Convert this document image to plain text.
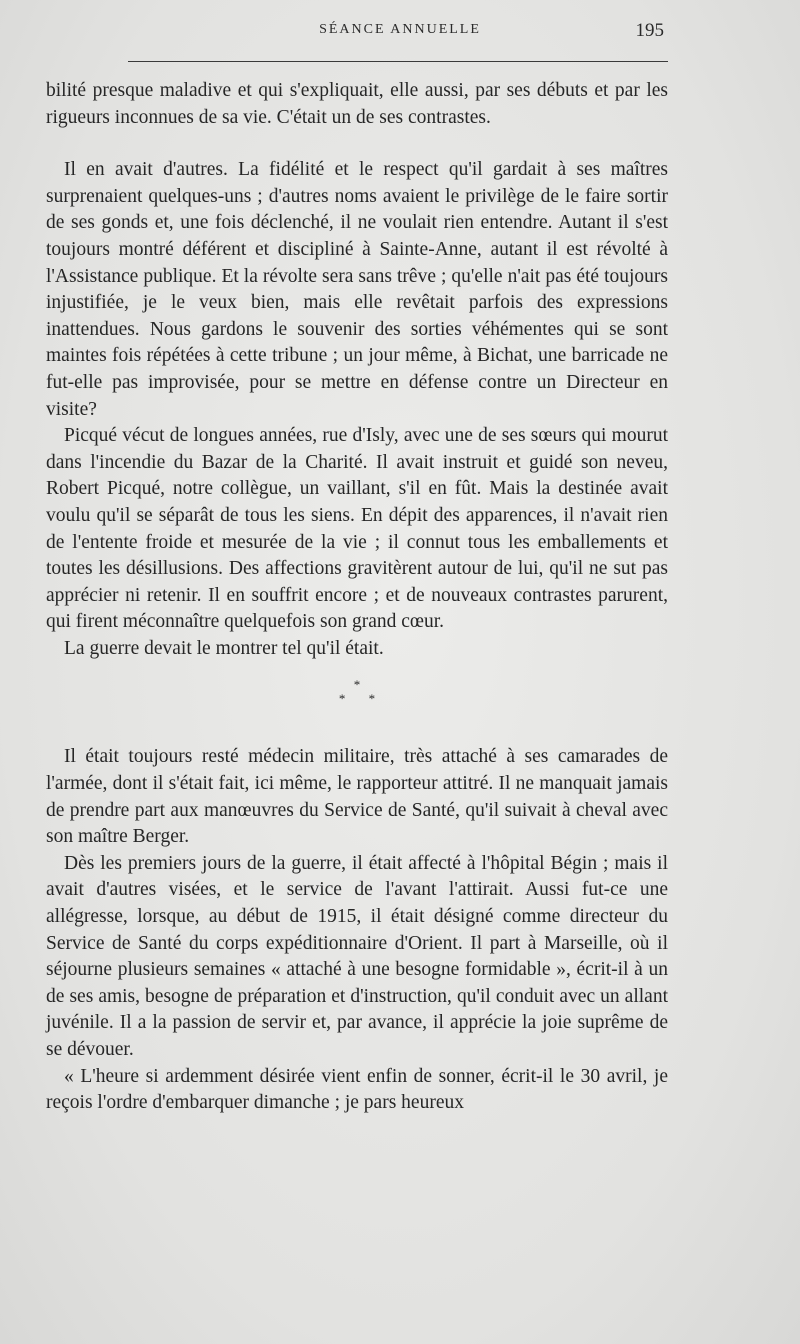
SÉANCE ANNUELLE	195

bilité presque maladive et qui s'expliquait, elle aussi, par ses débuts et par les rigueurs inconnues de sa vie. C'était un de ses contrastes.

Il en avait d'autres. La fidélité et le respect qu'il gardait à ses maîtres surprenaient quelques-uns ; d'autres noms avaient le privilège de le faire sortir de ses gonds et, une fois déclenché, il ne voulait rien entendre. Autant il s'est toujours montré déférent et discipliné à Sainte-Anne, autant il est révolté à l'Assistance publique. Et la révolte sera sans trêve ; qu'elle n'ait pas été toujours injustifiée, je le veux bien, mais elle revêtait parfois des expressions inattendues. Nous gardons le souvenir des sorties véhémentes qui se sont maintes fois répétées à cette tribune ; un jour même, à Bichat, une barricade ne fut-elle pas improvisée, pour se mettre en défense contre un Directeur en visite?

Picqué vécut de longues années, rue d'Isly, avec une de ses sœurs qui mourut dans l'incendie du Bazar de la Charité. Il avait instruit et guidé son neveu, Robert Picqué, notre collègue, un vaillant, s'il en fût. Mais la destinée avait voulu qu'il se séparât de tous les siens. En dépit des apparences, il n'avait rien de l'entente froide et mesurée de la vie ; il connut tous les emballements et toutes les désillusions. Des affections gravitèrent autour de lui, qu'il ne sut pas apprécier ni retenir. Il en souffrit encore ; et de nouveaux contrastes parurent, qui firent méconnaître quelquefois son grand cœur.

La guerre devait le montrer tel qu'il était.

*
* *

Il était toujours resté médecin militaire, très attaché à ses camarades de l'armée, dont il s'était fait, ici même, le rapporteur attitré. Il ne manquait jamais de prendre part aux manœuvres du Service de Santé, qu'il suivait à cheval avec son maître Berger.

Dès les premiers jours de la guerre, il était affecté à l'hôpital Bégin ; mais il avait d'autres visées, et le service de l'avant l'attirait. Aussi fut-ce une allégresse, lorsque, au début de 1915, il était désigné comme directeur du Service de Santé du corps expéditionnaire d'Orient. Il part à Marseille, où il séjourne plusieurs semaines « attaché à une besogne formidable », écrit-il à un de ses amis, besogne de préparation et d'instruction, qu'il conduit avec un allant juvénile. Il a la passion de servir et, par avance, il apprécie la joie suprême de se dévouer.

« L'heure si ardemment désirée vient enfin de sonner, écrit-il le 30 avril, je reçois l'ordre d'embarquer dimanche ; je pars heureux
